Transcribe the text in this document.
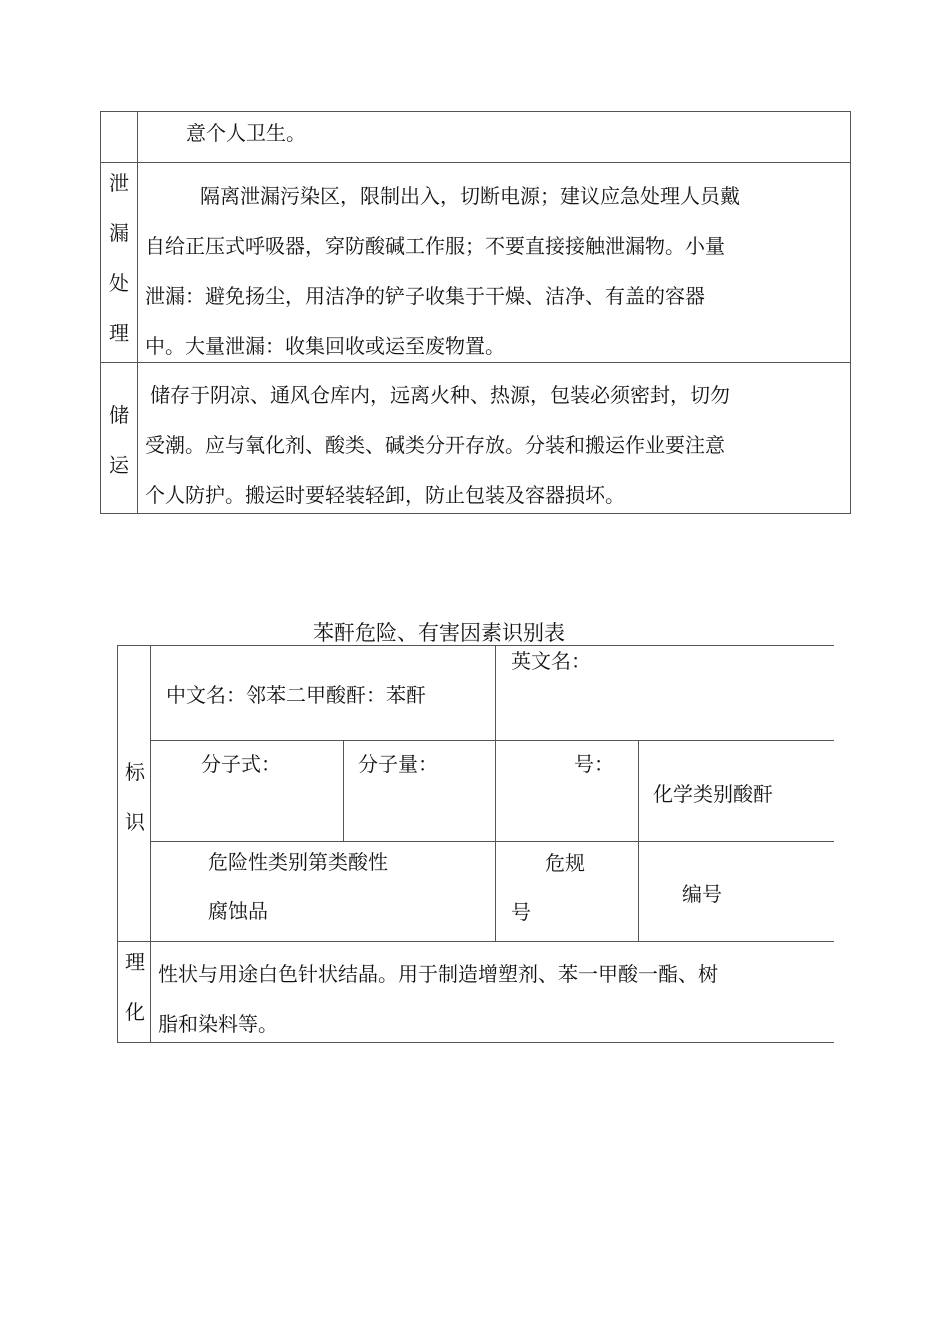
意个人卫生。
泄
漏
处
理
隔离泄漏污染区，限制出入，切断电源；建议应急处理人员戴
自给正压式呼吸器，穿防酸碱工作服；不要直接接触泄漏物。小量
泄漏：避免扬尘，用洁净的铲子收集于干燥、洁净、有盖的容器
中。大量泄漏：收集回收或运至废物置。
储
运
储存于阴凉、通风仓库内，远离火种、热源，包装必须密封，切勿
受潮。应与氧化剂、酸类、碱类分开存放。分装和搬运作业要注意
个人防护。搬运时要轻装轻卸，防止包装及容器损坏。
苯酐危险、有害因素识别表
标
识
中文名：邻苯二甲酸酐：苯酐
英文名：
分子式：	分子量：	号：
化学类别酸酐
危险性类别第类酸性
腐蚀品
危规
号
编号
理
化
性状与用途白色针状结晶。用于制造增塑剂、苯一甲酸一酯、树
脂和染料等。
